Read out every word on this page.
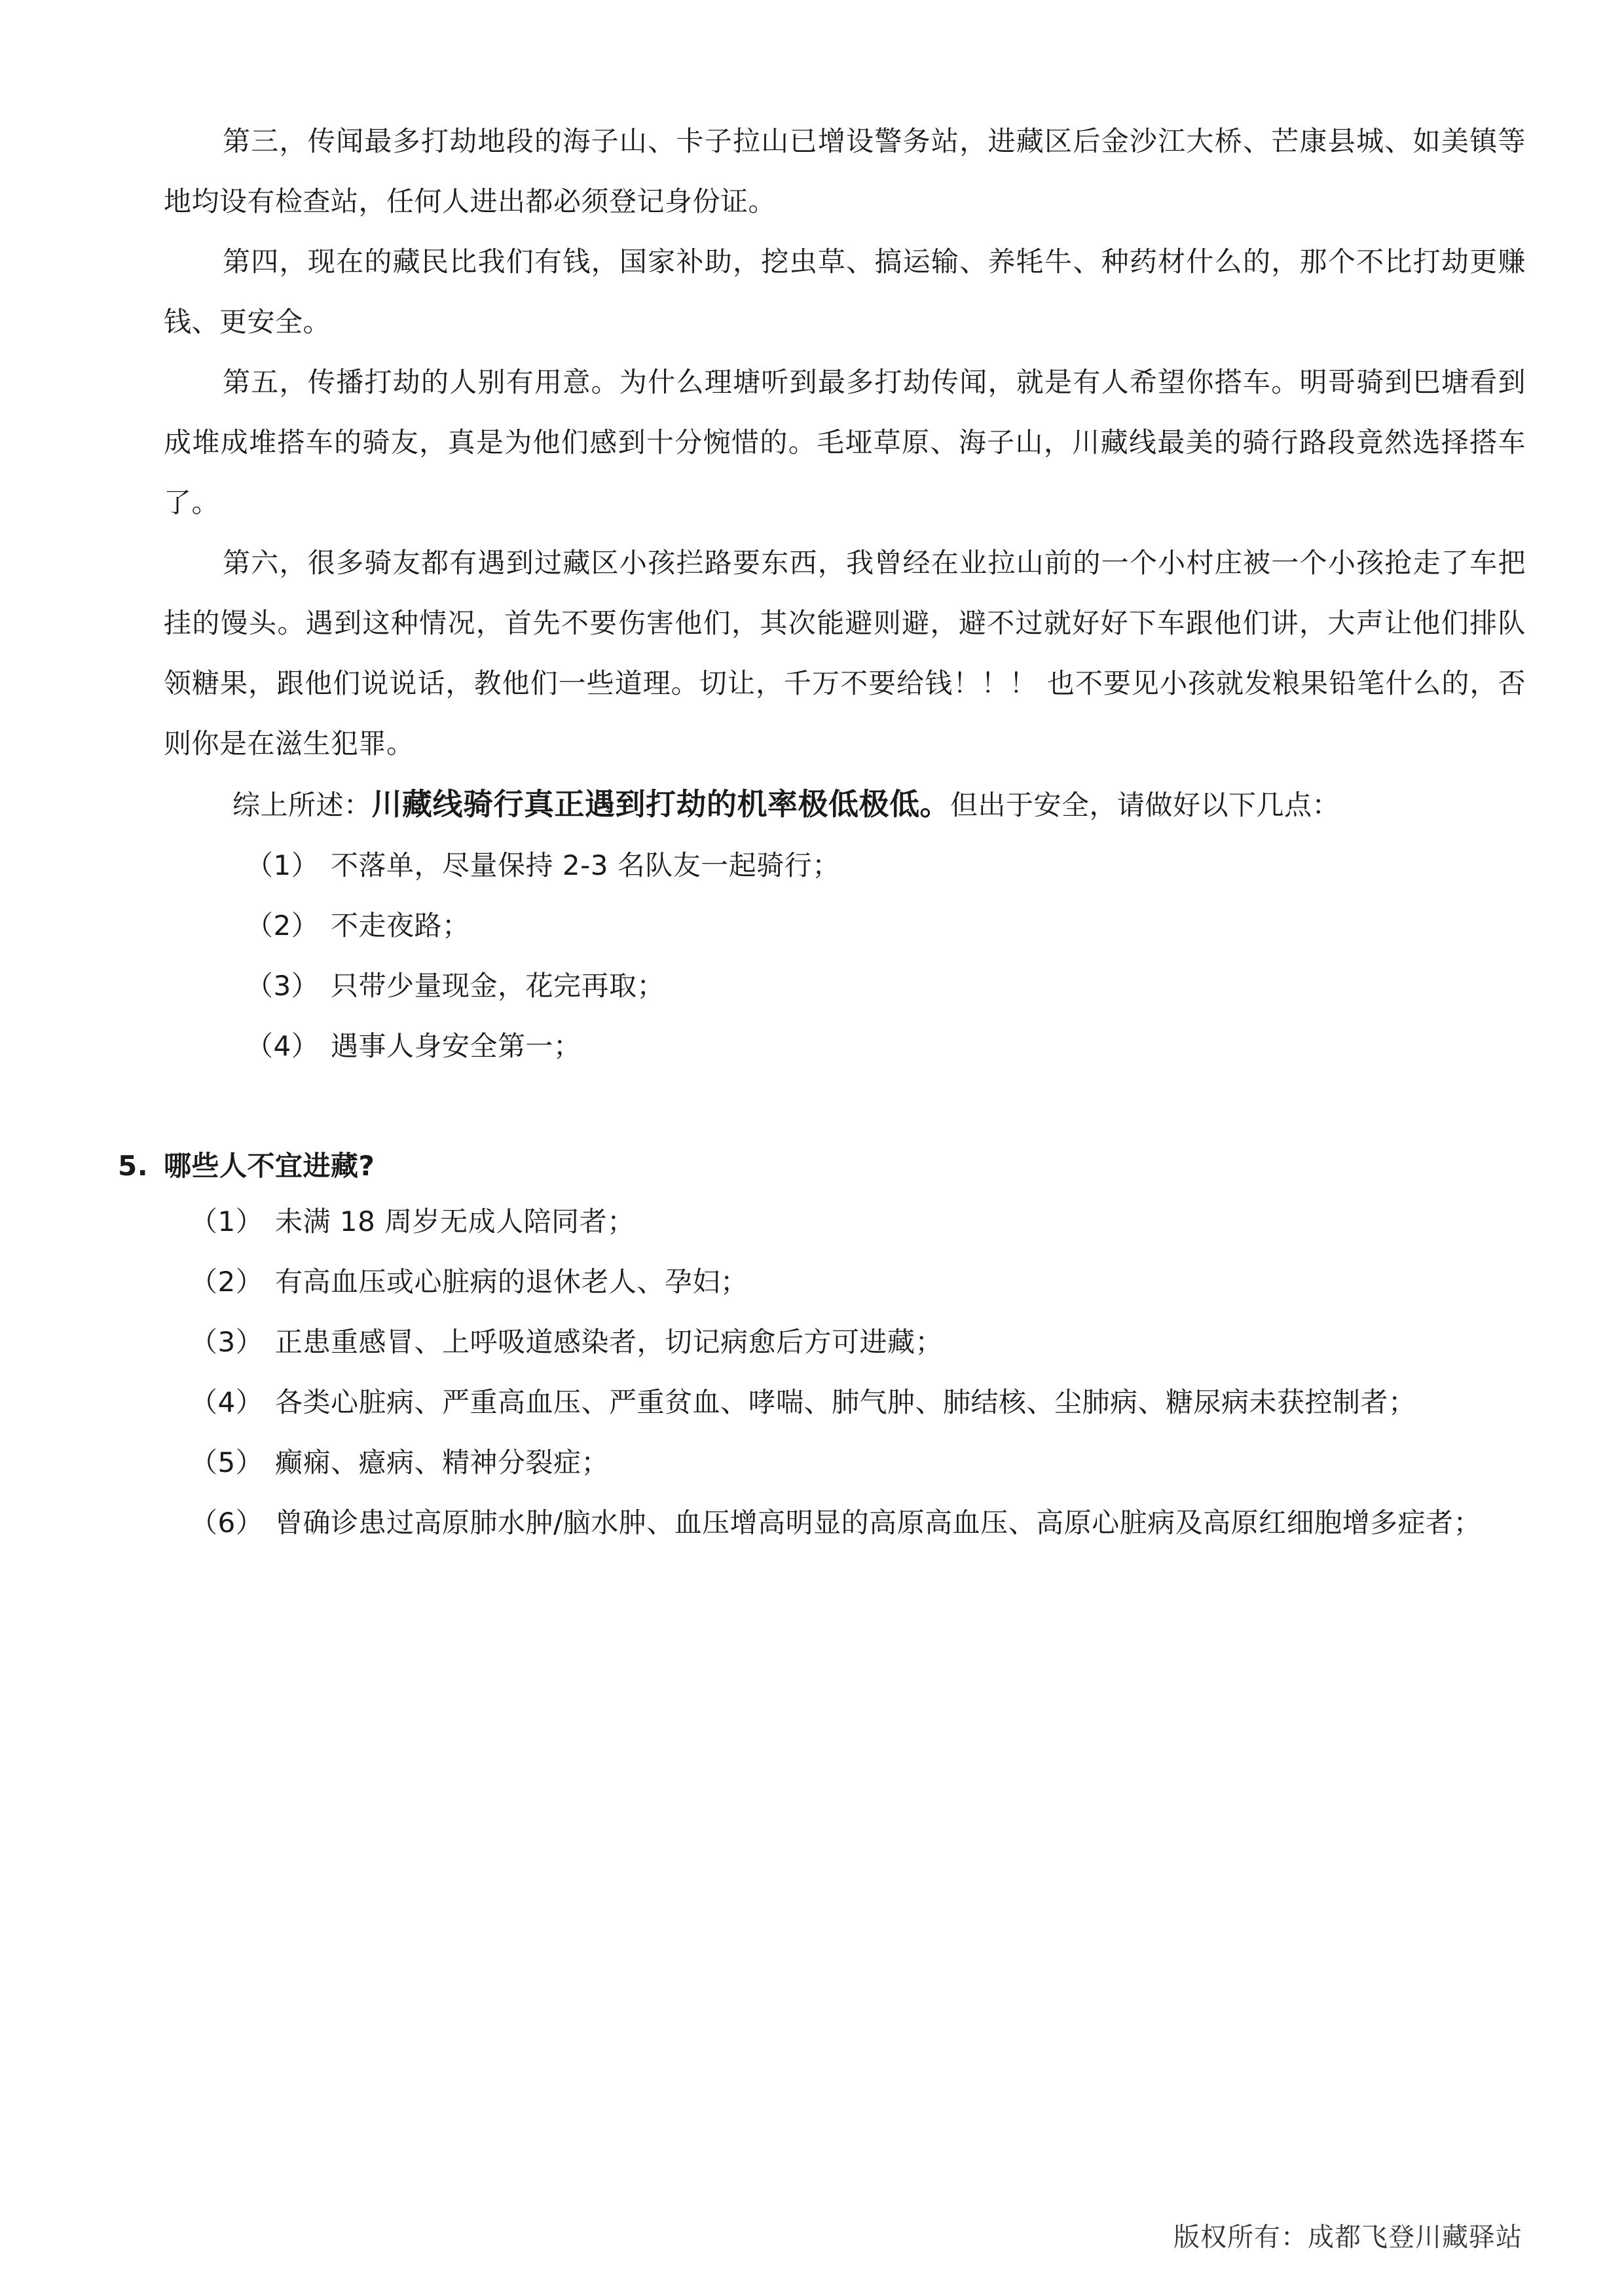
第三，传闻最多打劫地段的海子山、卡子拉山已增设警务站，进藏区后金沙江大桥、芒康县城、如美镇等地均设有检查站，任何人进出都必须登记身份证。

第四，现在的藏民比我们有钱，国家补助，挖虫草、搞运输、养牦牛、种药材什么的，那个不比打劫更赚钱、更安全。

第五，传播打劫的人别有用意。为什么理塘听到最多打劫传闻，就是有人希望你搭车。明哥骑到巴塘看到成堆成堆搭车的骑友，真是为他们感到十分惋惜的。毛垭草原、海子山，川藏线最美的骑行路段竟然选择搭车了。

第六，很多骑友都有遇到过藏区小孩拦路要东西，我曾经在业拉山前的一个小村庄被一个小孩抢走了车把挂的馒头。遇到这种情况，首先不要伤害他们，其次能避则避，避不过就好好下车跟他们讲，大声让他们排队领糖果，跟他们说说话，教他们一些道理。切让，千万不要给钱！！！ 也不要见小孩就发粮果铅笔什么的，否则你是在滋生犯罪。

综上所述：川藏线骑行真正遇到打劫的机率极低极低。但出于安全，请做好以下几点：

（1） 不落单，尽量保持 2-3 名队友一起骑行；
（2） 不走夜路；
（3） 只带少量现金，花完再取；
（4） 遇事人身安全第一；
5. 哪些人不宜进藏?
（1） 未满 18 周岁无成人陪同者；
（2） 有高血压或心脏病的退休老人、孕妇；
（3） 正患重感冒、上呼吸道感染者，切记病愈后方可进藏；
（4） 各类心脏病、严重高血压、严重贫血、哮喘、肺气肿、肺结核、尘肺病、糖尿病未获控制者；
（5） 癫痫、癔病、精神分裂症；
（6） 曾确诊患过高原肺水肿/脑水肿、血压增高明显的高原高血压、高原心脏病及高原红细胞增多症者；
版权所有：成都飞登川藏驿站
